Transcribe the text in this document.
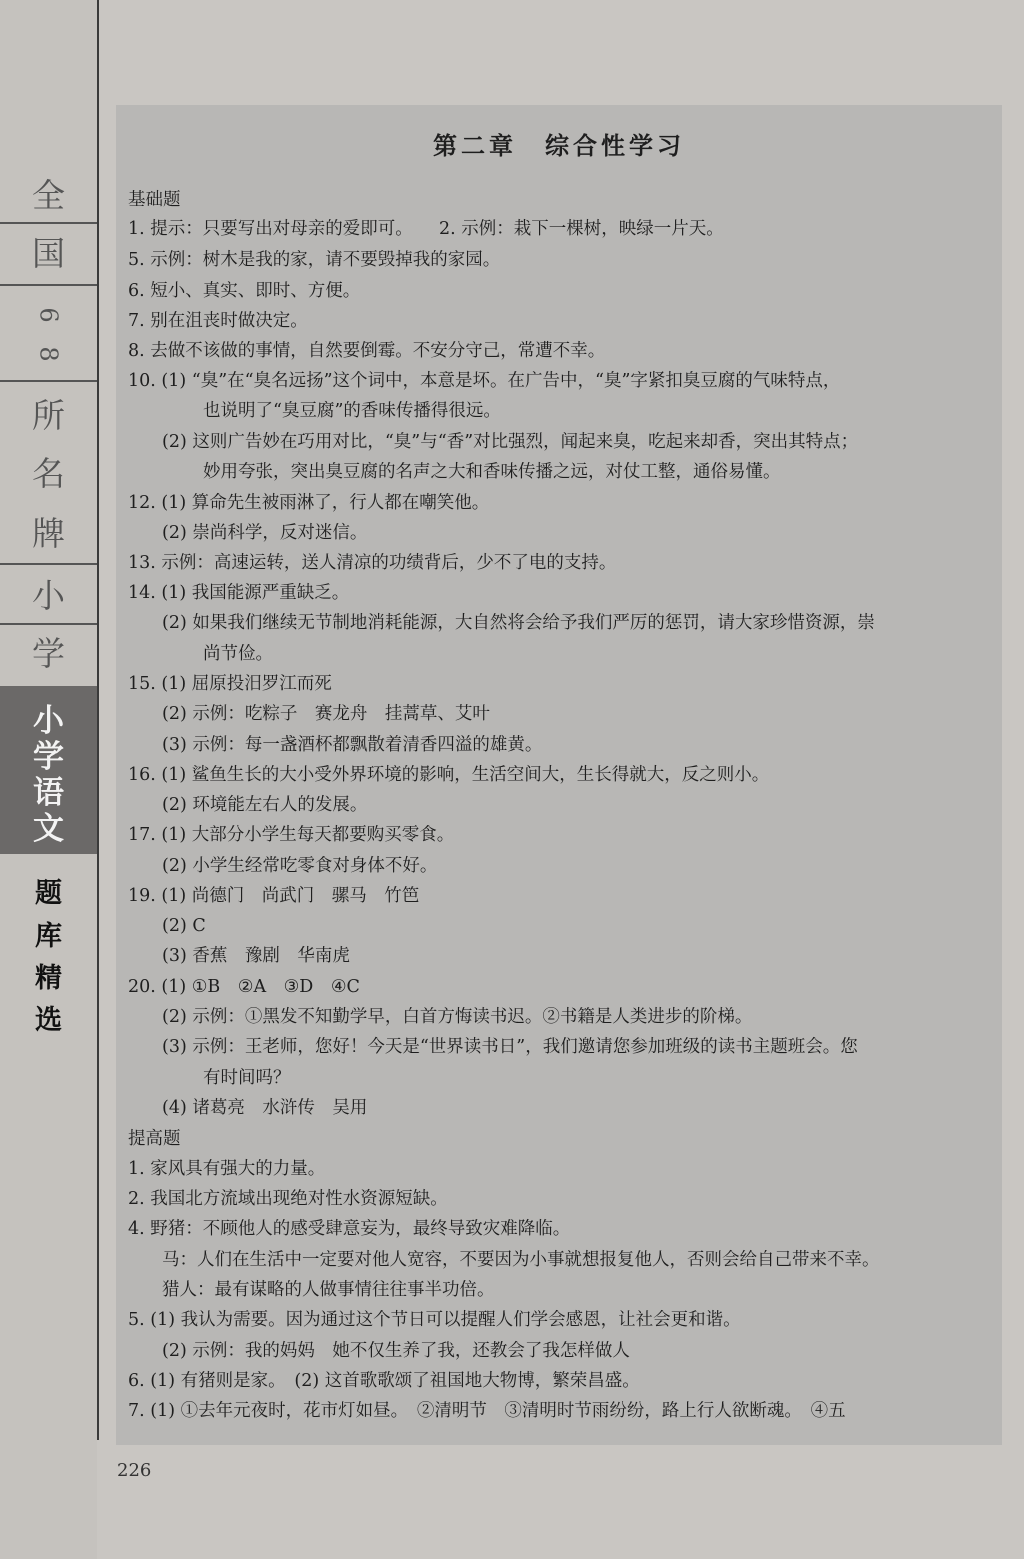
全
国
6
8
所
名
牌
小
学
小
学
语
文
题
库
精
选
第二章　综合性学习
基础题
1. 提示：只要写出对母亲的爱即可。　　2. 示例：栽下一棵树，映绿一片天。
5. 示例：树木是我的家，请不要毁掉我的家园。
6. 短小、真实、即时、方便。
7. 别在沮丧时做决定。
8. 去做不该做的事情，自然要倒霉。不安分守己，常遭不幸。
10. (1) “臭”在“臭名远扬”这个词中，本意是坏。在广告中，“臭”字紧扣臭豆腐的气味特点，
也说明了“臭豆腐”的香味传播得很远。
(2) 这则广告妙在巧用对比，“臭”与“香”对比强烈，闻起来臭，吃起来却香，突出其特点；
妙用夸张，突出臭豆腐的名声之大和香味传播之远，对仗工整，通俗易懂。
12. (1) 算命先生被雨淋了，行人都在嘲笑他。
(2) 崇尚科学，反对迷信。
13. 示例：高速运转，送人清凉的功绩背后，少不了电的支持。
14. (1) 我国能源严重缺乏。
(2) 如果我们继续无节制地消耗能源，大自然将会给予我们严厉的惩罚，请大家珍惜资源，崇
尚节俭。
15. (1) 屈原投汨罗江而死
(2) 示例：吃粽子　赛龙舟　挂蒿草、艾叶
(3) 示例：每一盏酒杯都飘散着清香四溢的雄黄。
16. (1) 鲨鱼生长的大小受外界环境的影响，生活空间大，生长得就大，反之则小。
(2) 环境能左右人的发展。
17. (1) 大部分小学生每天都要购买零食。
(2) 小学生经常吃零食对身体不好。
19. (1) 尚德门　尚武门　骡马　竹笆
(2) C
(3) 香蕉　豫剧　华南虎
20. (1) ①B　②A　③D　④C
(2) 示例：①黑发不知勤学早，白首方悔读书迟。②书籍是人类进步的阶梯。
(3) 示例：王老师，您好！今天是“世界读书日”，我们邀请您参加班级的读书主题班会。您
有时间吗？
(4) 诸葛亮　水浒传　吴用
提高题
1. 家风具有强大的力量。
2. 我国北方流域出现绝对性水资源短缺。
4. 野猪：不顾他人的感受肆意妄为，最终导致灾难降临。
马：人们在生活中一定要对他人宽容，不要因为小事就想报复他人，否则会给自己带来不幸。
猎人：最有谋略的人做事情往往事半功倍。
5. (1) 我认为需要。因为通过这个节日可以提醒人们学会感恩，让社会更和谐。
(2) 示例：我的妈妈　她不仅生养了我，还教会了我怎样做人
6. (1) 有猪则是家。　(2) 这首歌歌颂了祖国地大物博，繁荣昌盛。
7. (1) ①去年元夜时，花市灯如昼。　②清明节　③清明时节雨纷纷，路上行人欲断魂。　④五
226
